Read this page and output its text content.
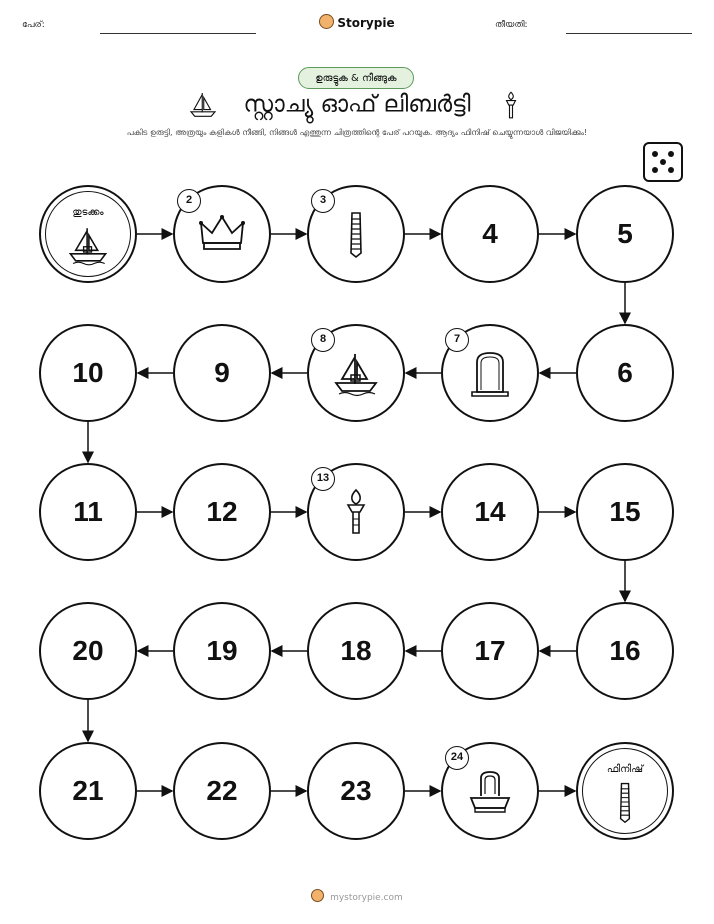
പേര്:	Storypie	തീയതി:
ഉരുട്ടുക & നീങ്ങുക
സ്റ്റാച്യു ഓഫ് ലിബർട്ടി
പകിട ഉരുട്ടി, അത്രയും കളികൾ നീങ്ങി, നിങ്ങൾ എത്തുന്ന ചിത്രത്തിന്റെ പേര് പറയുക. ആദ്യം ഫിനിഷ് ചെയ്യുന്നയാൾ വിജയിക്കും!
തുടക്കം
2	3
4	5
6
7
8
9
10
11	12
13
14	15
16
17
18
19
20
21	22	23
24
ഫിനിഷ്
mystorypie.com
